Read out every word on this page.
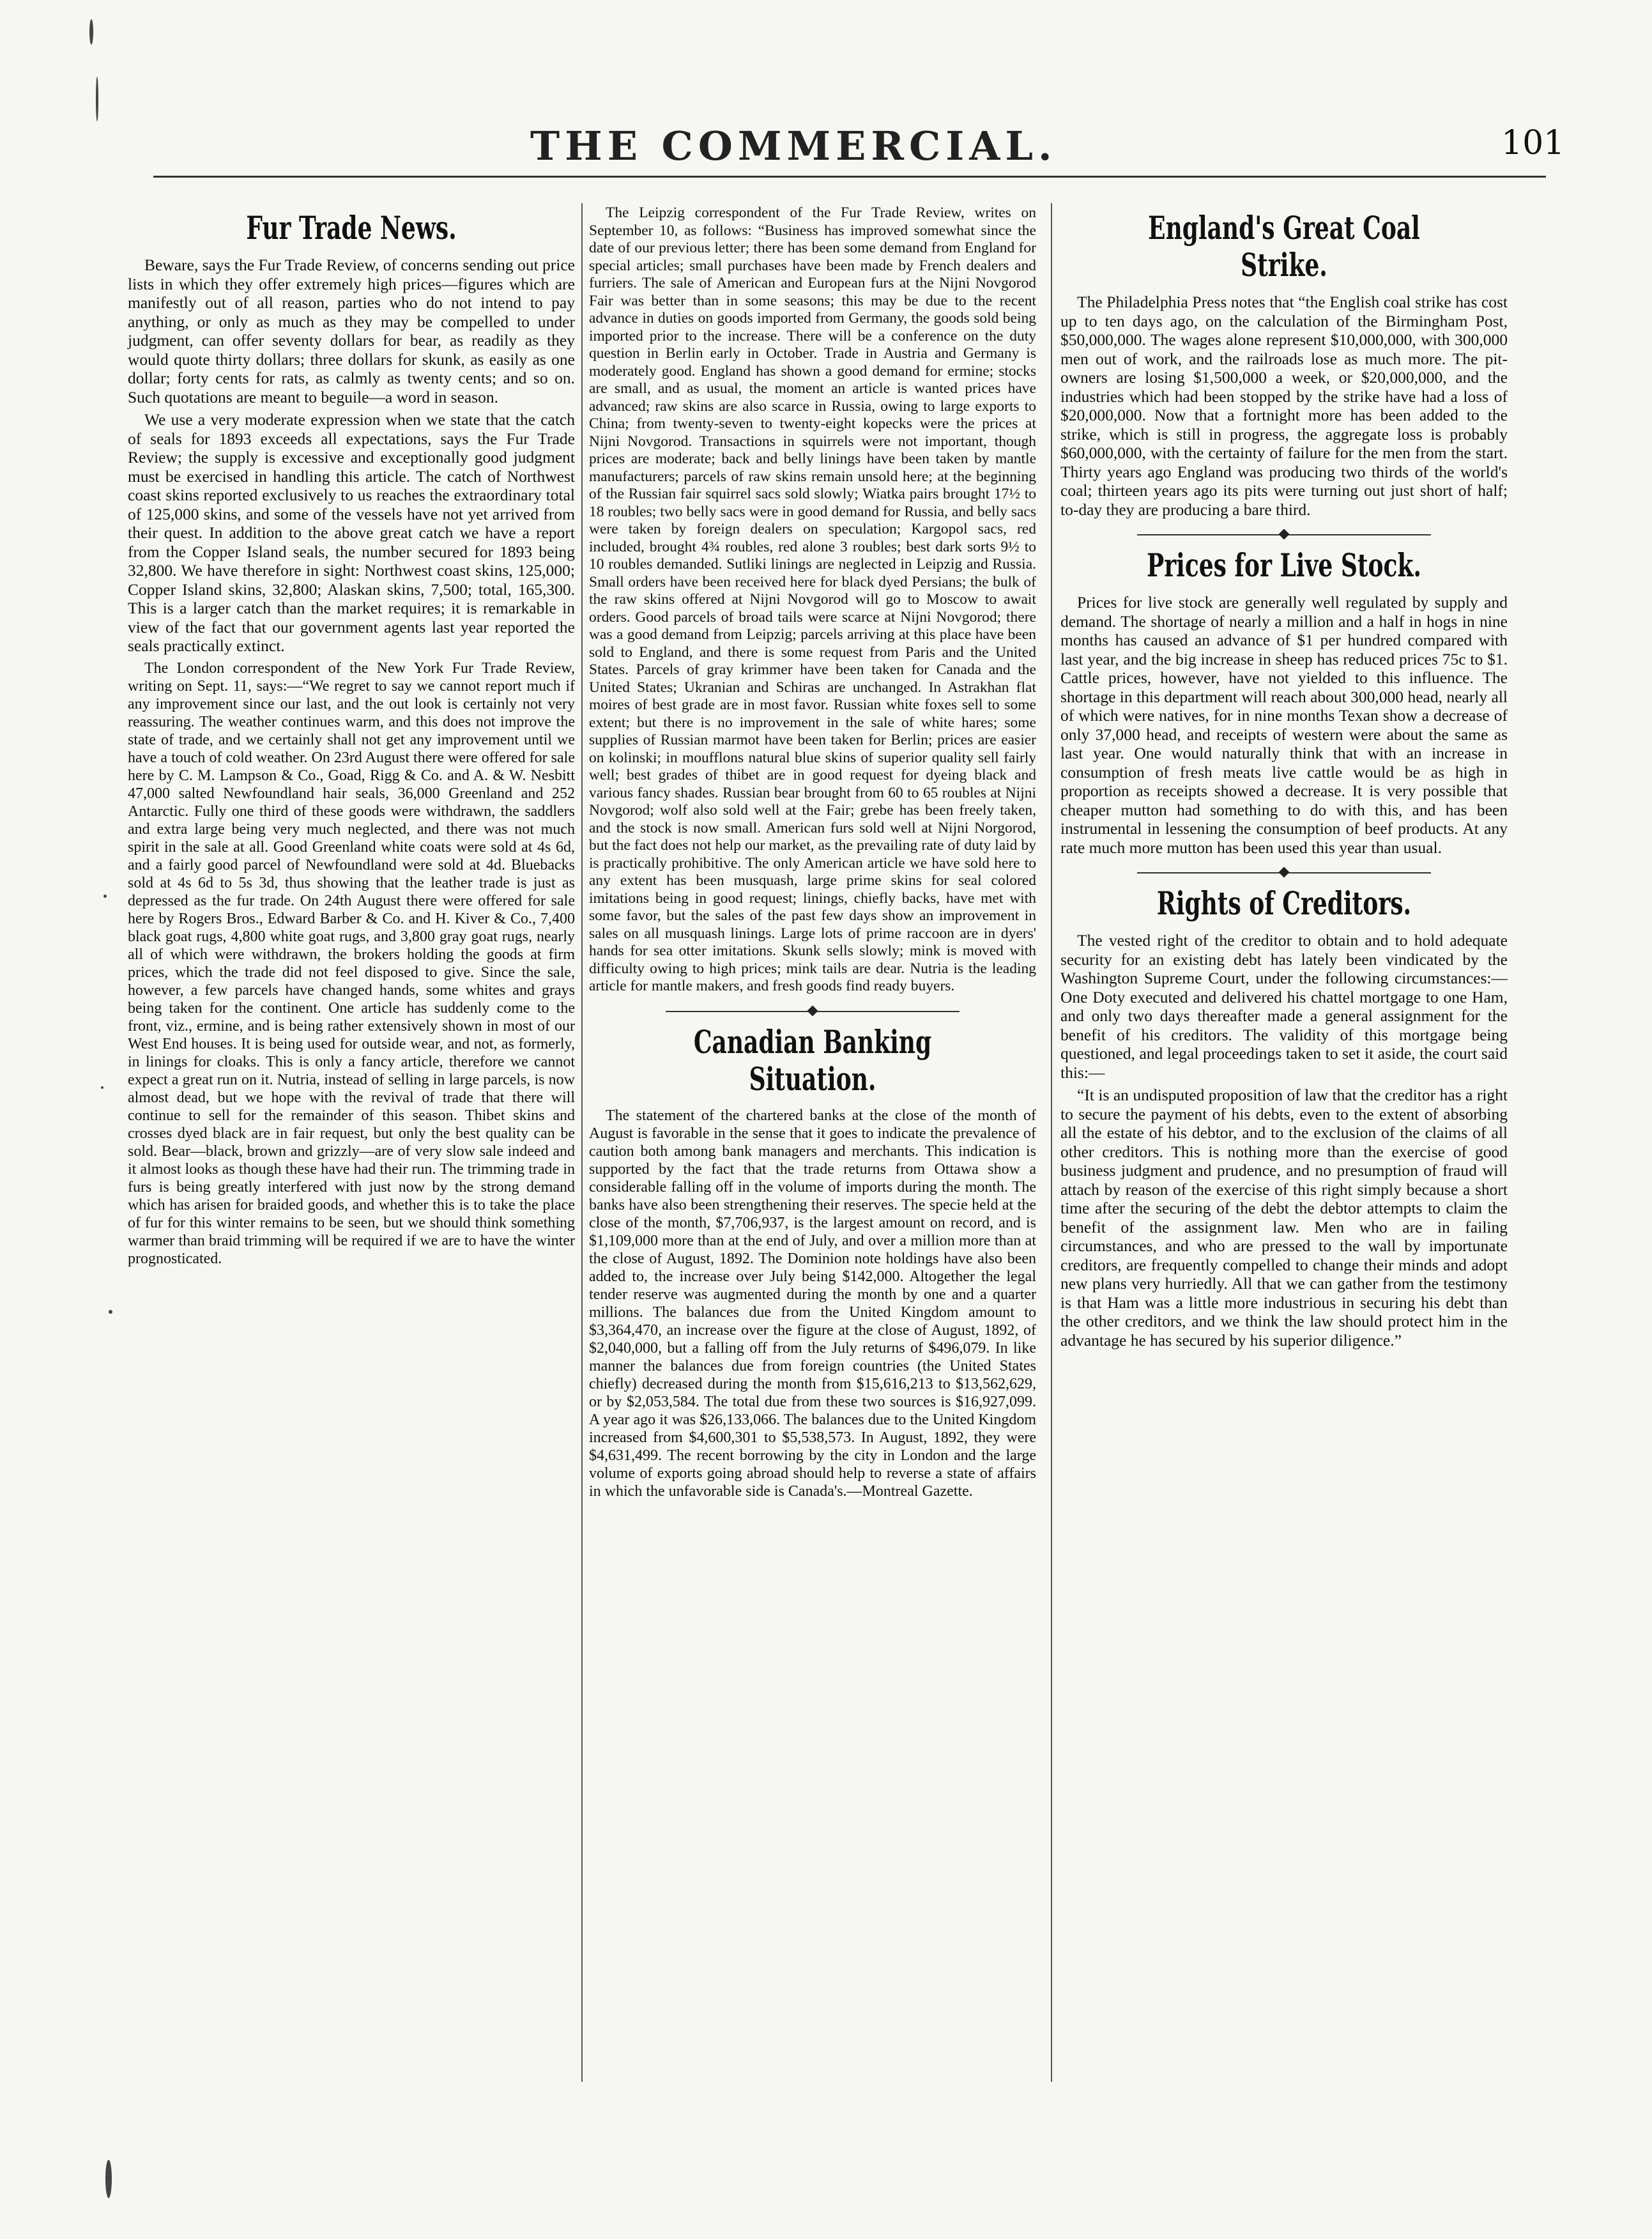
THE COMMERCIAL.	101
Fur Trade News.

Beware, says the Fur Trade Review, of concerns sending out price lists in which they offer extremely high prices—figures which are manifestly out of all reason, parties who do not intend to pay anything, or only as much as they may be compelled to under judgment, can offer seventy dollars for bear, as readily as they would quote thirty dollars; three dollars for skunk, as easily as one dollar; forty cents for rats, as calmly as twenty cents; and so on. Such quotations are meant to beguile—a word in season.

We use a very moderate expression when we state that the catch of seals for 1893 exceeds all expectations, says the Fur Trade Review; the supply is excessive and exceptionally good judgment must be exercised in handling this article. The catch of Northwest coast skins reported exclusively to us reaches the extraordinary total of 125,000 skins, and some of the vessels have not yet arrived from their quest. In addition to the above great catch we have a report from the Copper Island seals, the number secured for 1893 being 32,800. We have therefore in sight: Northwest coast skins, 125,000; Copper Island skins, 32,800; Alaskan skins, 7,500; total, 165,300. This is a larger catch than the market requires; it is remarkable in view of the fact that our government agents last year reported the seals practically extinct.

The London correspondent of the New York Fur Trade Review, writing on Sept. 11, says:—“We regret to say we cannot report much if any improvement since our last, and the out look is certainly not very reassuring. The weather continues warm, and this does not improve the state of trade, and we certainly shall not get any improvement until we have a touch of cold weather. On 23rd August there were offered for sale here by C. M. Lampson & Co., Goad, Rigg & Co. and A. & W. Nesbitt 47,000 salted Newfoundland hair seals, 36,000 Greenland and 252 Antarctic. Fully one third of these goods were withdrawn, the saddlers and extra large being very much neglected, and there was not much spirit in the sale at all. Good Greenland white coats were sold at 4s 6d, and a fairly good parcel of Newfoundland were sold at 4d. Bluebacks sold at 4s 6d to 5s 3d, thus showing that the leather trade is just as depressed as the fur trade. On 24th August there were offered for sale here by Rogers Bros., Edward Barber & Co. and H. Kiver & Co., 7,400 black goat rugs, 4,800 white goat rugs, and 3,800 gray goat rugs, nearly all of which were withdrawn, the brokers holding the goods at firm prices, which the trade did not feel disposed to give. Since the sale, however, a few parcels have changed hands, some whites and grays being taken for the continent. One article has suddenly come to the front, viz., ermine, and is being rather extensively shown in most of our West End houses. It is being used for outside wear, and not, as formerly, in linings for cloaks. This is only a fancy article, therefore we cannot expect a great run on it. Nutria, instead of selling in large parcels, is now almost dead, but we hope with the revival of trade that there will continue to sell for the remainder of this season. Thibet skins and crosses dyed black are in fair request, but only the best quality can be sold. Bear—black, brown and grizzly—are of very slow sale indeed and it almost looks as though these have had their run. The trimming trade in furs is being greatly interfered with just now by the strong demand which has arisen for braided goods, and whether this is to take the place of fur for this winter remains to be seen, but we should think something warmer than braid trimming will be required if we are to have the winter prognosticated.

The Leipzig correspondent of the Fur Trade Review, writes on September 10, as follows: “Business has improved somewhat since the date of our previous letter; there has been some demand from England for special articles; small purchases have been made by French dealers and furriers. The sale of American and European furs at the Nijni Novgorod Fair was better than in some seasons; this may be due to the recent advance in duties on goods imported from Germany, the goods sold being imported prior to the increase. There will be a conference on the duty question in Berlin early in October. Trade in Austria and Germany is moderately good. England has shown a good demand for ermine; stocks are small, and as usual, the moment an article is wanted prices have advanced; raw skins are also scarce in Russia, owing to large exports to China; from twenty-seven to twenty-eight kopecks were the prices at Nijni Novgorod. Transactions in squirrels were not important, though prices are moderate; back and belly linings have been taken by mantle manufacturers; parcels of raw skins remain unsold here; at the beginning of the Russian fair squirrel sacs sold slowly; Wiatka pairs brought 17½ to 18 roubles; two belly sacs were in good demand for Russia, and belly sacs were taken by foreign dealers on speculation; Kargopol sacs, red included, brought 4¾ roubles, red alone 3 roubles; best dark sorts 9½ to 10 roubles demanded. Sutliki linings are neglected in Leipzig and Russia. Small orders have been received here for black dyed Persians; the bulk of the raw skins offered at Nijni Novgorod will go to Moscow to await orders. Good parcels of broad tails were scarce at Nijni Novgorod; there was a good demand from Leipzig; parcels arriving at this place have been sold to England, and there is some request from Paris and the United States. Parcels of gray krimmer have been taken for Canada and the United States; Ukranian and Schiras are unchanged. In Astrakhan flat moires of best grade are in most favor. Russian white foxes sell to some extent; but there is no improvement in the sale of white hares; some supplies of Russian marmot have been taken for Berlin; prices are easier on kolinski; in moufflons natural blue skins of superior quality sell fairly well; best grades of thibet are in good request for dyeing black and various fancy shades. Russian bear brought from 60 to 65 roubles at Nijni Novgorod; wolf also sold well at the Fair; grebe has been freely taken, and the stock is now small. American furs sold well at Nijni Norgorod, but the fact does not help our market, as the prevailing rate of duty laid by is practically prohibitive. The only American article we have sold here to any extent has been musquash, large prime skins for seal colored imitations being in good request; linings, chiefly backs, have met with some favor, but the sales of the past few days show an improvement in sales on all musquash linings. Large lots of prime raccoon are in dyers' hands for sea otter imitations. Skunk sells slowly; mink is moved with difficulty owing to high prices; mink tails are dear. Nutria is the leading article for mantle makers, and fresh goods find ready buyers.

Canadian Banking Situation.

The statement of the chartered banks at the close of the month of August is favorable in the sense that it goes to indicate the prevalence of caution both among bank managers and merchants. This indication is supported by the fact that the trade returns from Ottawa show a considerable falling off in the volume of imports during the month. The banks have also been strengthening their reserves. The specie held at the close of the month, $7,706,937, is the largest amount on record, and is $1,109,000 more than at the end of July, and over a million more than at the close of August, 1892. The Dominion note holdings have also been added to, the increase over July being $142,000. Altogether the legal tender reserve was augmented during the month by one and a quarter millions. The balances due from the United Kingdom amount to $3,364,470, an increase over the figure at the close of August, 1892, of $2,040,000, but a falling off from the July returns of $496,079. In like manner the balances due from foreign countries (the United States chiefly) decreased during the month from $15,616,213 to $13,562,629, or by $2,053,584. The total due from these two sources is $16,927,099. A year ago it was $26,133,066. The balances due to the United Kingdom increased from $4,600,301 to $5,538,573. In August, 1892, they were $4,631,499. The recent borrowing by the city in London and the large volume of exports going abroad should help to reverse a state of affairs in which the unfavorable side is Canada's.—Montreal Gazette.

England's Great Coal Strike.

The Philadelphia Press notes that “the English coal strike has cost up to ten days ago, on the calculation of the Birmingham Post, $50,000,000. The wages alone represent $10,000,000, with 300,000 men out of work, and the railroads lose as much more. The pit-owners are losing $1,500,000 a week, or $20,000,000, and the industries which had been stopped by the strike have had a loss of $20,000,000. Now that a fortnight more has been added to the strike, which is still in progress, the aggregate loss is probably $60,000,000, with the certainty of failure for the men from the start. Thirty years ago England was producing two thirds of the world's coal; thirteen years ago its pits were turning out just short of half; to-day they are producing a bare third.

Prices for Live Stock.

Prices for live stock are generally well regulated by supply and demand. The shortage of nearly a million and a half in hogs in nine months has caused an advance of $1 per hundred compared with last year, and the big increase in sheep has reduced prices 75c to $1. Cattle prices, however, have not yielded to this influence. The shortage in this department will reach about 300,000 head, nearly all of which were natives, for in nine months Texan show a decrease of only 37,000 head, and receipts of western were about the same as last year. One would naturally think that with an increase in consumption of fresh meats live cattle would be as high in proportion as receipts showed a decrease. It is very possible that cheaper mutton had something to do with this, and has been instrumental in lessening the consumption of beef products. At any rate much more mutton has been used this year than usual.

Rights of Creditors.

The vested right of the creditor to obtain and to hold adequate security for an existing debt has lately been vindicated by the Washington Supreme Court, under the following circumstances:—One Doty executed and delivered his chattel mortgage to one Ham, and only two days thereafter made a general assignment for the benefit of his creditors. The validity of this mortgage being questioned, and legal proceedings taken to set it aside, the court said this:—

“It is an undisputed proposition of law that the creditor has a right to secure the payment of his debts, even to the extent of absorbing all the estate of his debtor, and to the exclusion of the claims of all other creditors. This is nothing more than the exercise of good business judgment and prudence, and no presumption of fraud will attach by reason of the exercise of this right simply because a short time after the securing of the debt the debtor attempts to claim the benefit of the assignment law. Men who are in failing circumstances, and who are pressed to the wall by importunate creditors, are frequently compelled to change their minds and adopt new plans very hurriedly. All that we can gather from the testimony is that Ham was a little more industrious in securing his debt than the other creditors, and we think the law should protect him in the advantage he has secured by his superior diligence.”
